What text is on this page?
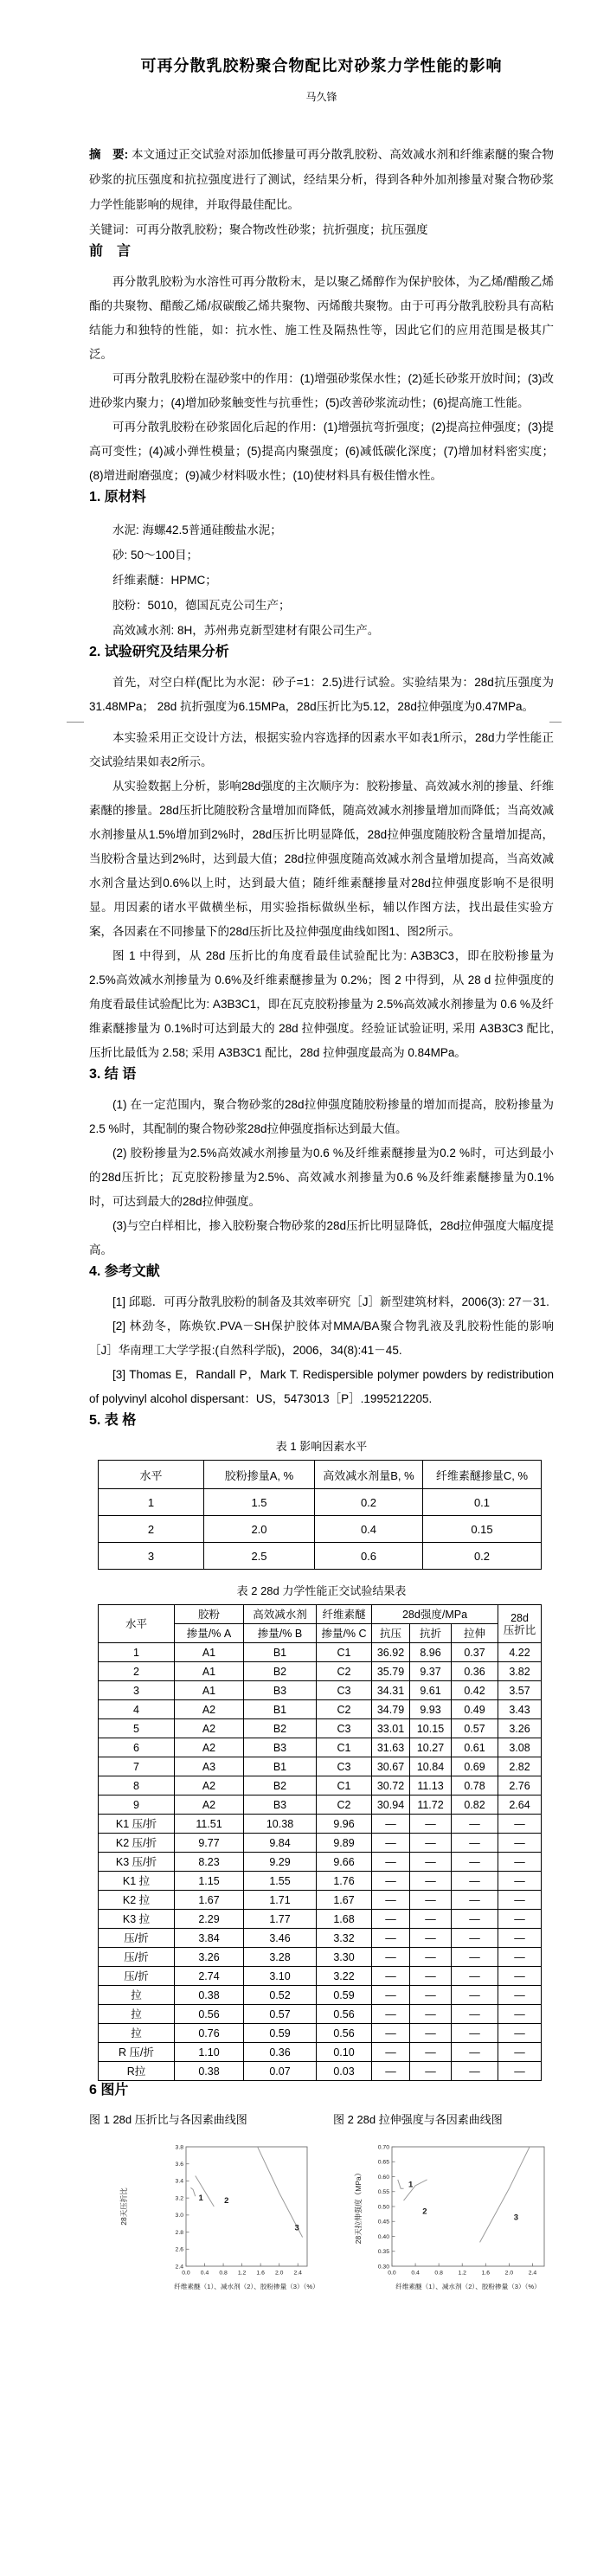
可再分散乳胶粉聚合物配比对砂浆力学性能的影响
马久锋

摘　要: 本文通过正交试验对添加低掺量可再分散乳胶粉、高效减水剂和纤维素醚的聚合物砂浆的抗压强度和抗拉强度进行了测试，经结果分析，得到各种外加剂掺量对聚合物砂浆力学性能影响的规律，并取得最佳配比。

关键词：可再分散乳胶粉；聚合物改性砂浆；抗折强度；抗压强度

前　言

再分散乳胶粉为水溶性可再分散粉末，是以聚乙烯醇作为保护胶体，为乙烯/醋酸乙烯酯的共聚物、醋酸乙烯/叔碳酸乙烯共聚物、丙烯酸共聚物。由于可再分散乳胶粉具有高粘结能力和独特的性能，如：抗水性、施工性及隔热性等，因此它们的应用范围是极其广泛。

可再分散乳胶粉在湿砂浆中的作用：(1)增强砂浆保水性；(2)延长砂浆开放时间；(3)改进砂浆内聚力；(4)增加砂浆触变性与抗垂性；(5)改善砂浆流动性；(6)提高施工性能。

可再分散乳胶粉在砂浆固化后起的作用：(1)增强抗弯折强度；(2)提高拉伸强度；(3)提高可变性；(4)减小弹性模量；(5)提高内聚强度；(6)减低碳化深度；(7)增加材料密实度；(8)增进耐磨强度；(9)减少材料吸水性；(10)使材料具有极佳憎水性。

1. 原材料

水泥: 海螺42.5普通硅酸盐水泥；

砂: 50～100目；

纤维素醚：HPMC；

胶粉：5010，德国瓦克公司生产；

高效减水剂: 8H，苏州弗克新型建材有限公司生产。

2. 试验研究及结果分析

首先，对空白样(配比为水泥：砂子=1：2.5)进行试验。实验结果为：28d抗压强度为31.48MPa； 28d 抗折强度为6.15MPa，28d压折比为5.12，28d拉伸强度为0.47MPa。

本实验采用正交设计方法，根据实验内容选择的因素水平如表1所示，28d力学性能正交试验结果如表2所示。

从实验数据上分析，影响28d强度的主次顺序为：胶粉掺量、高效减水剂的掺量、纤维素醚的掺量。28d压折比随胶粉含量增加而降低，随高效减水剂掺量增加而降低；当高效减水剂掺量从1.5%增加到2%时，28d压折比明显降低，28d拉伸强度随胶粉含量增加提高，当胶粉含量达到2%时，达到最大值；28d拉伸强度随高效减水剂含量增加提高，当高效减水剂含量达到0.6%以上时，达到最大值；随纤维素醚掺量对28d拉伸强度影响不是很明显。用因素的诸水平做横坐标，用实验指标做纵坐标，辅以作图方法，找出最佳实验方案，各因素在不同掺量下的28d压折比及拉伸强度曲线如图1、图2所示。

图 1 中得到，从 28d 压折比的角度看最佳试验配比为: A3B3C3，即在胶粉掺量为 2.5%高效减水剂掺量为 0.6%及纤维素醚掺量为 0.2%；图 2 中得到，从 28 d 拉伸强度的角度看最佳试验配比为: A3B3C1，即在瓦克胶粉掺量为 2.5%高效减水剂掺量为 0.6 %及纤维素醚掺量为 0.1%时可达到最大的 28d 拉伸强度。经验证试验证明, 采用 A3B3C3 配比, 压折比最低为 2.58; 采用 A3B3C1 配比，28d 拉伸强度最高为 0.84MPa。

3. 结 语

(1) 在一定范围内，聚合物砂浆的28d拉伸强度随胶粉掺量的增加而提高，胶粉掺量为2.5 %时，其配制的聚合物砂浆28d拉伸强度指标达到最大值。

(2) 胶粉掺量为2.5%高效减水剂掺量为0.6 %及纤维素醚掺量为0.2 %时，可达到最小的28d压折比；瓦克胶粉掺量为2.5%、高效减水剂掺量为0.6 %及纤维素醚掺量为0.1%时，可达到最大的28d拉伸强度。

(3)与空白样相比，掺入胶粉聚合物砂浆的28d压折比明显降低，28d拉伸强度大幅度提高。

4. 参考文献

[1] 邱聪．可再分散乳胶粉的制备及其效率研究［J］新型建筑材料，2006(3): 27－31.

[2] 林劲冬，陈焕钦.PVA－SH保护胶体对MMA/BA聚合物乳液及乳胶粉性能的影响［J］华南理工大学学报:(自然科学版)，2006，34(8):41－45.

[3] Thomas E，Randall P，Mark T. Redispersible polymer powders by redistribution of polyvinyl alcohol dispersant：US，5473013［P］.1995212205.

5. 表 格

表 1 影响因素水平

水平	胶粉掺量A, %	高效减水剂量B, %	纤维素醚掺量C, %
1	1.5	0.2	0.1
2	2.0	0.4	0.15
3	2.5	0.6	0.2

表 2 28d 力学性能正交试验结果表

水平	胶粉	高效减水剂	纤维素醚	28d强度/MPa			28d
压折比
	掺量/% A	掺量/% B	掺量/% C	抗压	抗折	拉伸	
1	A1	B1	C1	36.92	8.96	0.37	4.22
2	A1	B2	C2	35.79	9.37	0.36	3.82
3	A1	B3	C3	34.31	9.61	0.42	3.57
4	A2	B1	C2	34.79	9.93	0.49	3.43
5	A2	B2	C3	33.01	10.15	0.57	3.26
6	A2	B3	C1	31.63	10.27	0.61	3.08
7	A3	B1	C3	30.67	10.84	0.69	2.82
8	A2	B2	C1	30.72	11.13	0.78	2.76
9	A2	B3	C2	30.94	11.72	0.82	2.64
K1 压/折	11.51	10.38	9.96	—	—	—	—
K2 压/折	9.77	9.84	9.89	—	—	—	—
K3 压/折	8.23	9.29	9.66	—	—	—	—
K1 拉	1.15	1.55	1.76	—	—	—	—
K2 拉	1.67	1.71	1.67	—	—	—	—
K3 拉	2.29	1.77	1.68	—	—	—	—
压/折	3.84	3.46	3.32	—	—	—	—
压/折	3.26	3.28	3.30	—	—	—	—
压/折	2.74	3.10	3.22	—	—	—	—
拉	0.38	0.52	0.59	—	—	—	—
拉	0.56	0.57	0.56	—	—	—	—
拉	0.76	0.59	0.56	—	—	—	—
R 压/折	1.10	0.36	0.10	—	—	—	—
R拉	0.38	0.07	0.03	—	—	—	—
6 图片
图 1 28d 压折比与各因素曲线图	图 2 28d 拉伸强度与各因素曲线图
2.4
2.6
2.8
3.0
3.2
3.4
3.6
3.8
0.0 0.4 0.8 1.2 1.6 2.0 2.4
28天压折比
纤维素醚（1）、减水剂（2）、胶粉掺量（3）（%）
1	2
3
0.30
0.35
0.40
0.45
0.50
0.55
0.60
0.65
0.70
0.0	0.4	0.8	1.2	1.6	2.0	2.4
28天拉伸强度（MPa）
纤维素醚（1）、减水剂（2）、胶粉掺量（3）（%）
1
2
3
